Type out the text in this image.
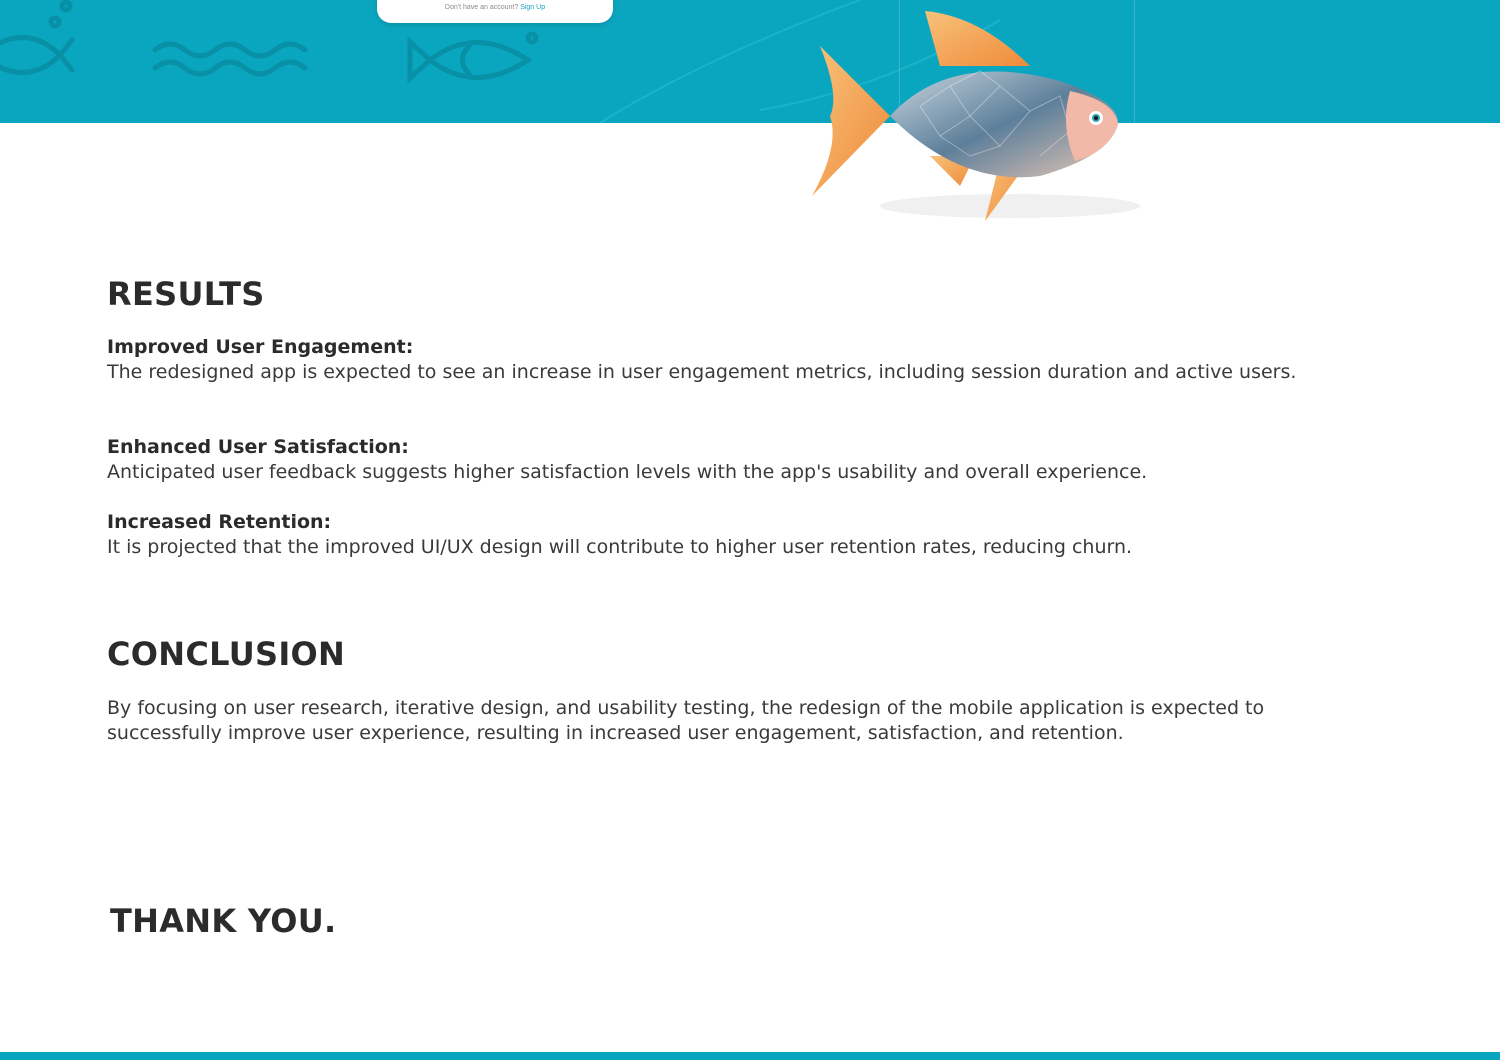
Don't have an account? Sign Up
RESULTS
Improved User Engagement:
The redesigned app is expected to see an increase in user engagement metrics, including session duration and active users.
Enhanced User Satisfaction:
Anticipated user feedback suggests higher satisfaction levels with the app's usability and overall experience.
Increased Retention:
It is projected that the improved UI/UX design will contribute to higher user retention rates, reducing churn.
CONCLUSION
By focusing on user research, iterative design, and usability testing, the redesign of the mobile application is expected to successfully improve user experience, resulting in increased user engagement, satisfaction, and retention.
THANK YOU.
